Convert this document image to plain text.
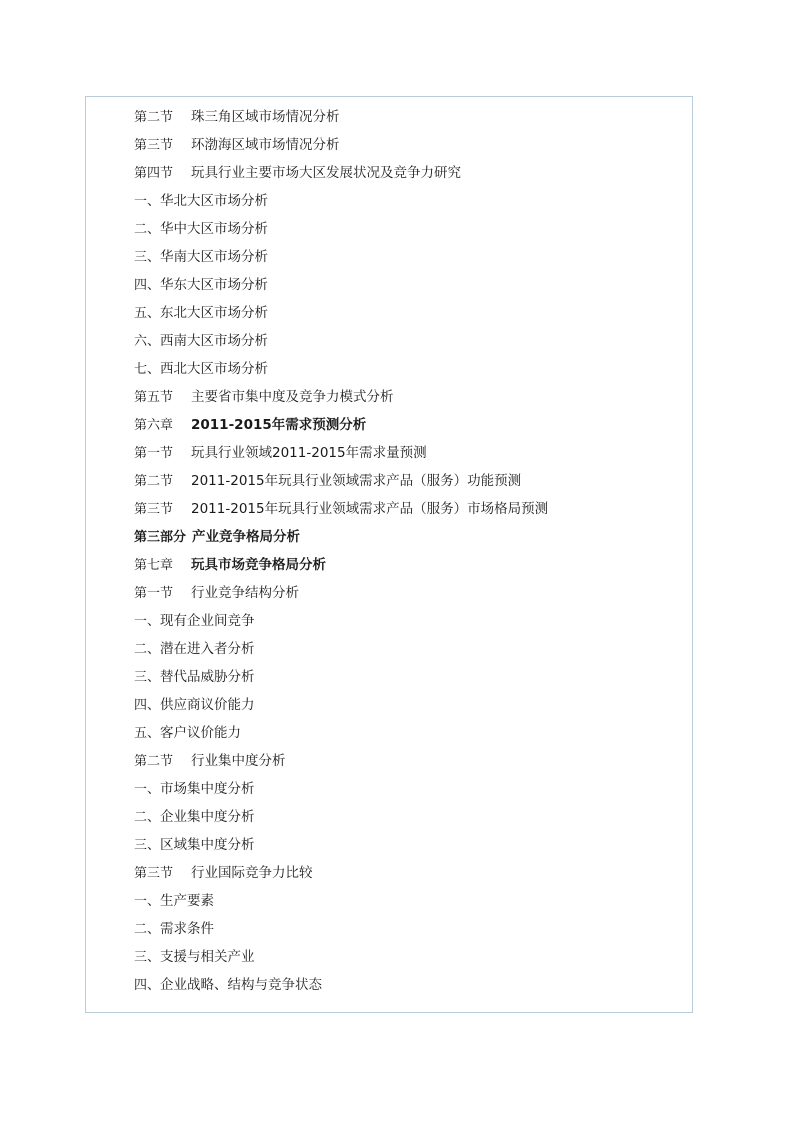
第二节 珠三角区域市场情况分析
第三节 环渤海区域市场情况分析
第四节 玩具行业主要市场大区发展状况及竞争力研究
一、华北大区市场分析
二、华中大区市场分析
三、华南大区市场分析
四、华东大区市场分析
五、东北大区市场分析
六、西南大区市场分析
七、西北大区市场分析
第五节 主要省市集中度及竞争力模式分析
第六章 2011-2015年需求预测分析
第一节 玩具行业领域2011-2015年需求量预测
第二节 2011-2015年玩具行业领域需求产品（服务）功能预测
第三节 2011-2015年玩具行业领域需求产品（服务）市场格局预测
第三部分 产业竞争格局分析
第七章 玩具市场竞争格局分析
第一节 行业竞争结构分析
一、现有企业间竞争
二、潜在进入者分析
三、替代品威胁分析
四、供应商议价能力
五、客户议价能力
第二节 行业集中度分析
一、市场集中度分析
二、企业集中度分析
三、区域集中度分析
第三节 行业国际竞争力比较
一、生产要素
二、需求条件
三、支援与相关产业
四、企业战略、结构与竞争状态
